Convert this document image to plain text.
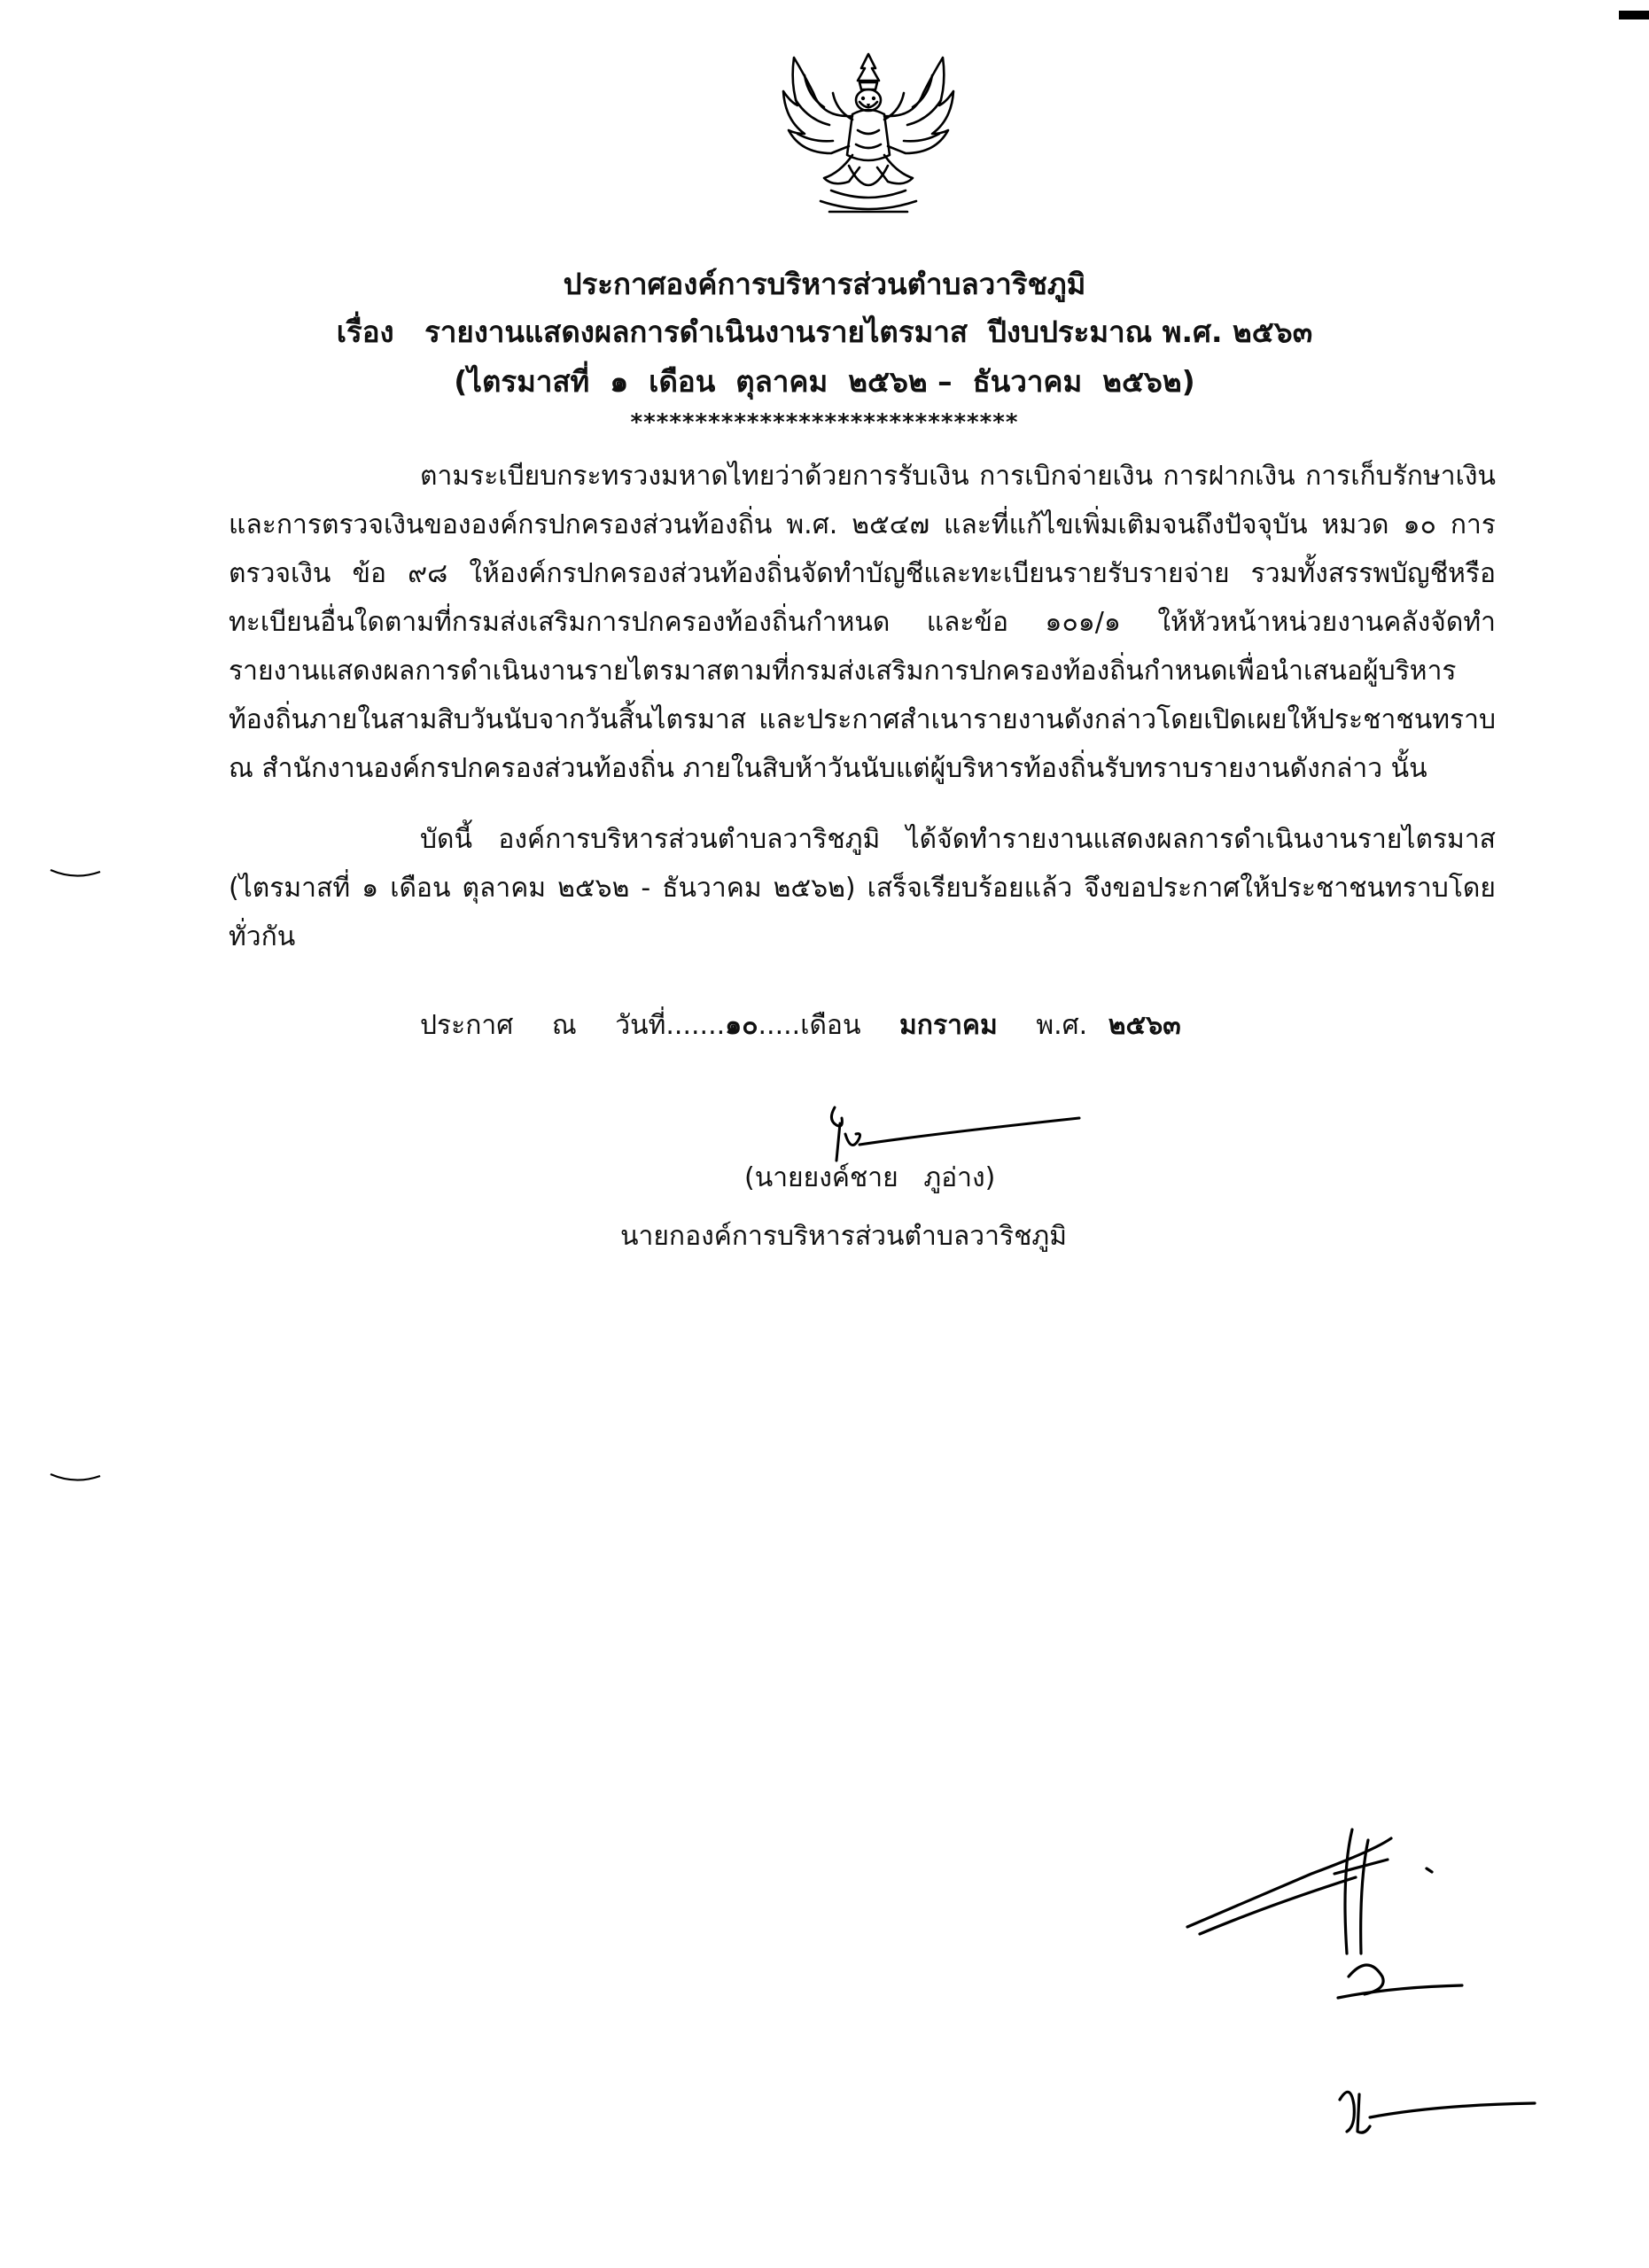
ประกาศองค์การบริหารส่วนตำบลวาริชภูมิ
เรื่อง   รายงานแสดงผลการดำเนินงานรายไตรมาส  ปีงบประมาณ พ.ศ. ๒๕๖๓
(ไตรมาสที่  ๑  เดือน  ตุลาคม  ๒๕๖๒ –  ธันวาคม  ๒๕๖๒)
******************************

ตามระเบียบกระทรวงมหาดไทยว่าด้วยการรับเงิน การเบิกจ่ายเงิน การฝากเงิน การเก็บรักษาเงินและการตรวจเงินขององค์กรปกครองส่วนท้องถิ่น พ.ศ. ๒๕๔๗ และที่แก้ไขเพิ่มเติมจนถึงปัจจุบัน หมวด ๑๐ การตรวจเงิน ข้อ ๙๘ ให้องค์กรปกครองส่วนท้องถิ่นจัดทำบัญชีและทะเบียนรายรับรายจ่าย รวมทั้งสรรพบัญชีหรือทะเบียนอื่นใดตามที่กรมส่งเสริมการปกครองท้องถิ่นกำหนด และข้อ ๑๐๑/๑ ให้หัวหน้าหน่วยงานคลังจัดทำรายงานแสดงผลการดำเนินงานรายไตรมาสตามที่กรมส่งเสริมการปกครองท้องถิ่นกำหนดเพื่อนำเสนอผู้บริหารท้องถิ่นภายในสามสิบวันนับจากวันสิ้นไตรมาส และประกาศสำเนารายงานดังกล่าวโดยเปิดเผยให้ประชาชนทราบ ณ สำนักงานองค์กรปกครองส่วนท้องถิ่น ภายในสิบห้าวันนับแต่ผู้บริหารท้องถิ่นรับทราบรายงานดังกล่าว นั้น

บัดนี้ องค์การบริหารส่วนตำบลวาริชภูมิ ได้จัดทำรายงานแสดงผลการดำเนินงานรายไตรมาส (ไตรมาสที่ ๑ เดือน ตุลาคม ๒๕๖๒ - ธันวาคม ๒๕๖๒) เสร็จเรียบร้อยแล้ว จึงขอประกาศให้ประชาชนทราบโดยทั่วกัน

ประกาศ ณ วันที่.......๑๐.....เดือน มกราคม พ.ศ. ๒๕๖๓
(นายยงค์ชาย   ภูอ่าง)
นายกองค์การบริหารส่วนตำบลวาริชภูมิ
